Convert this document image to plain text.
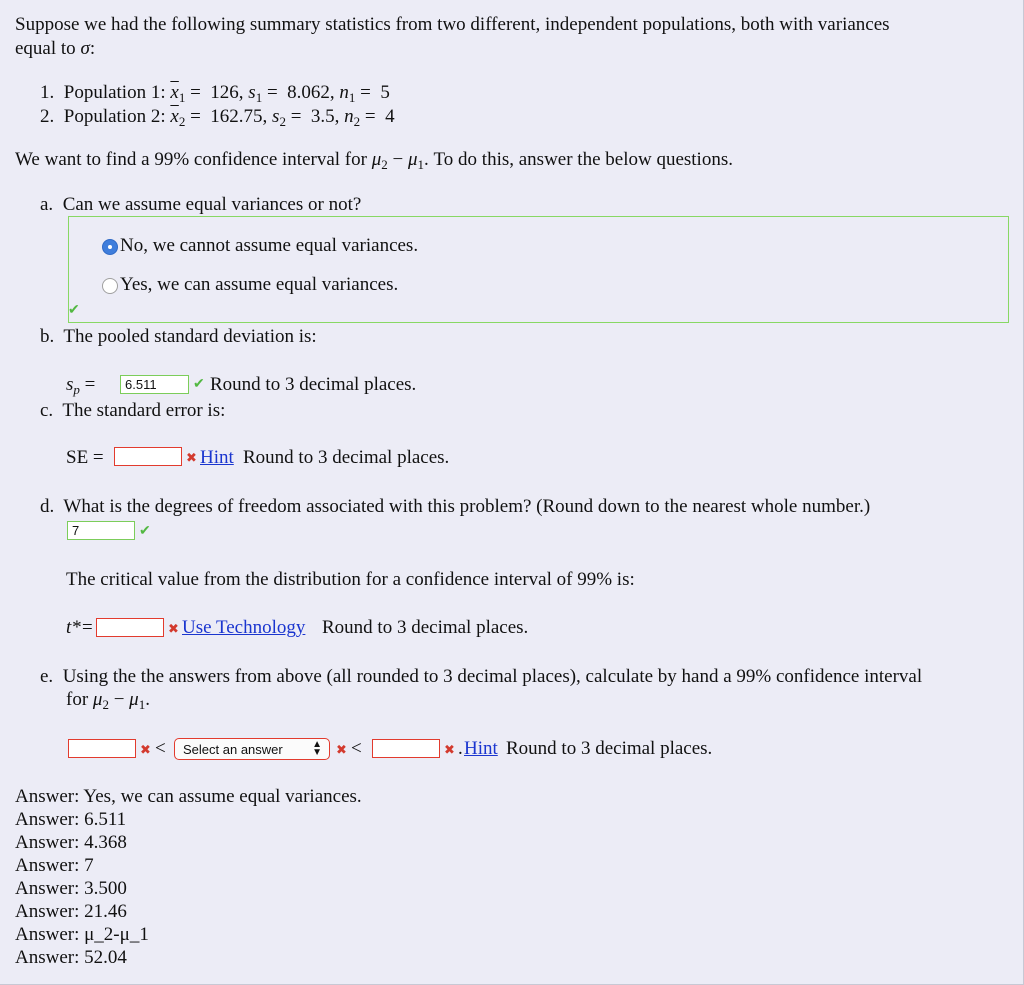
Suppose we had the following summary statistics from two different, independent populations, both with variances
equal to σ:
1.  Population 1: $\overline{x}_1 = 126$, $s_1 = 8.062$, $n_1 = 5$
2.  Population 2: $\overline{x}_2 = 162.75$, $s_2 = 3.5$, $n_2 = 4$
We want to find a 99% confidence interval for $\mu_2 - \mu_1$. To do this, answer the below questions.
a. Can we assume equal variances or not?
No, we cannot assume equal variances.
Yes, we can assume equal variances.
✔
b. The pooled standard deviation is:
$s_p$ =	6.511	✔ Round to 3 decimal places.
c. The standard error is:
SE =	✖ Hint Round to 3 decimal places.
d. What is the degrees of freedom associated with this problem? (Round down to the nearest whole number.)
7	✔
The critical value from the distribution for a confidence interval of 99% is:
t*=	✖ Use Technology Round to 3 decimal places.
e. Using the the answers from above (all rounded to 3 decimal places), calculate by hand a 99% confidence interval
for $\mu_2 - \mu_1$.
✖ <	Select an answer	▲
▼ ✖ <	✖ . Hint Round to 3 decimal places.
Answer: Yes, we can assume equal variances.
Answer: 6.511
Answer: 4.368
Answer: 7
Answer: 3.500
Answer: 21.46
Answer: μ_2-μ_1
Answer: 52.04
